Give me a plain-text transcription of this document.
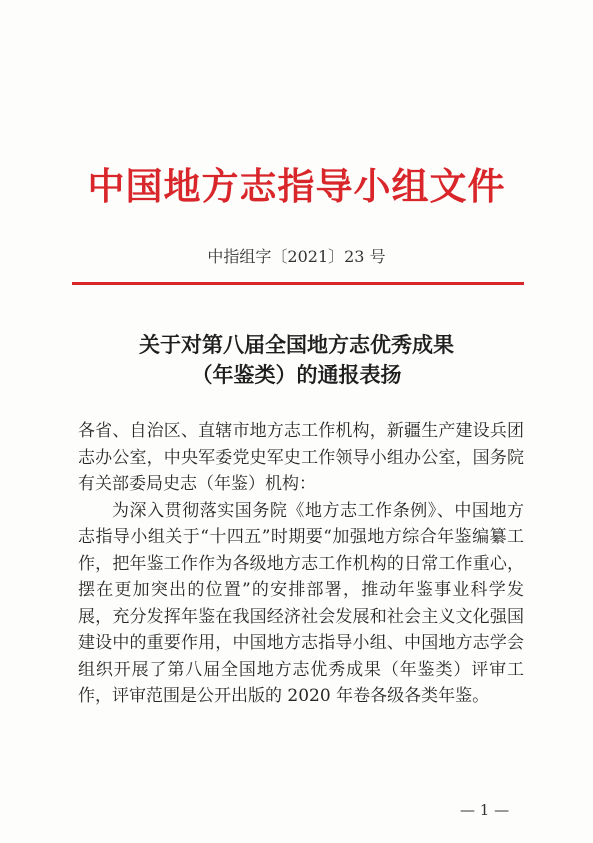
中国地方志指导小组文件
中指组字〔2021〕23 号
关于对第八届全国地方志优秀成果
（年鉴类）的通报表扬

各省、自治区、直辖市地方志工作机构，新疆生产建设兵团志办公室，中央军委党史军史工作领导小组办公室，国务院有关部委局史志（年鉴）机构：

为深入贯彻落实国务院《地方志工作条例》、中国地方志指导小组关于“十四五”时期要“加强地方综合年鉴编纂工作，把年鉴工作作为各级地方志工作机构的日常工作重心，摆在更加突出的位置”的安排部署，推动年鉴事业科学发展，充分发挥年鉴在我国经济社会发展和社会主义文化强国建设中的重要作用，中国地方志指导小组、中国地方志学会组织开展了第八届全国地方志优秀成果（年鉴类）评审工作，评审范围是公开出版的 2020 年卷各级各类年鉴。

— 1 —
